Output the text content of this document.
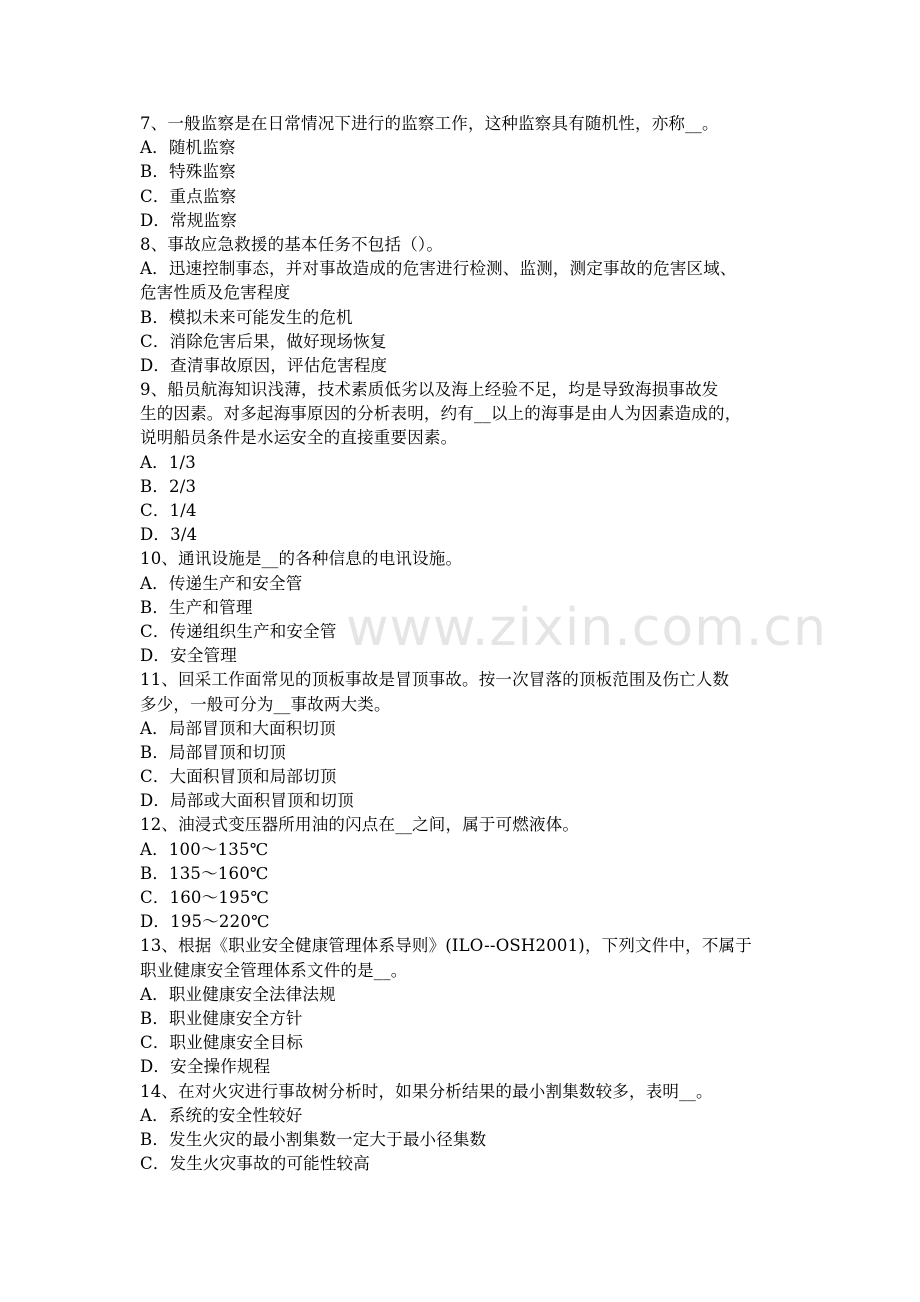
7、一般监察是在日常情况下进行的监察工作，这种监察具有随机性，亦称__。
A．随机监察
B．特殊监察
C．重点监察
D．常规监察
8、事故应急救援的基本任务不包括（）。
A．迅速控制事态，并对事故造成的危害进行检测、监测，测定事故的危害区域、
危害性质及危害程度
B．模拟未来可能发生的危机
C．消除危害后果，做好现场恢复
D．查清事故原因，评估危害程度
9、船员航海知识浅薄，技术素质低劣以及海上经验不足，均是导致海损事故发
生的因素。对多起海事原因的分析表明，约有__以上的海事是由人为因素造成的，
说明船员条件是水运安全的直接重要因素。
A．1/3
B．2/3
C．1/4
D．3/4
10、通讯设施是__的各种信息的电讯设施。
A．传递生产和安全管
B．生产和管理
C．传递组织生产和安全管
D．安全管理
11、回采工作面常见的顶板事故是冒顶事故。按一次冒落的顶板范围及伤亡人数
多少，一般可分为__事故两大类。
A．局部冒顶和大面积切顶
B．局部冒顶和切顶
C．大面积冒顶和局部切顶
D．局部或大面积冒顶和切顶
12、油浸式变压器所用油的闪点在__之间，属于可燃液体。
A．100～135℃
B．135～160℃
C．160～195℃
D．195～220℃
13、根据《职业安全健康管理体系导则》(ILO--OSH2001)，下列文件中，不属于
职业健康安全管理体系文件的是__。
A．职业健康安全法律法规
B．职业健康安全方针
C．职业健康安全目标
D．安全操作规程
14、在对火灾进行事故树分析时，如果分析结果的最小割集数较多，表明__。
A．系统的安全性较好
B．发生火灾的最小割集数一定大于最小径集数
C．发生火灾事故的可能性较高
www.zixin.com.cn
